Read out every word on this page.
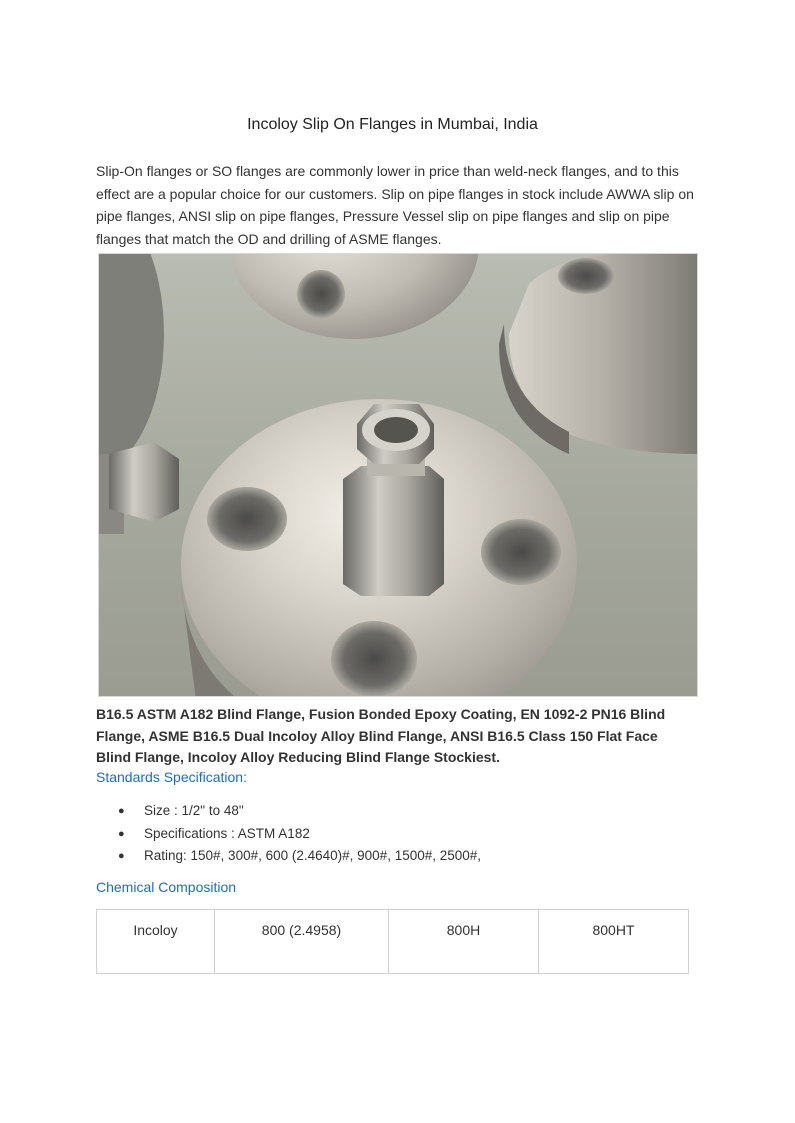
Incoloy Slip On Flanges in Mumbai, India

Slip-On flanges or SO flanges are commonly lower in price than weld-neck flanges, and to this effect are a popular choice for our customers. Slip on pipe flanges in stock include AWWA slip on pipe flanges, ANSI slip on pipe flanges, Pressure Vessel slip on pipe flanges and slip on pipe flanges that match the OD and drilling of ASME flanges.

B16.5 ASTM A182 Blind Flange, Fusion Bonded Epoxy Coating, EN 1092-2 PN16 Blind Flange, ASME B16.5 Dual Incoloy Alloy Blind Flange, ANSI B16.5 Class 150 Flat Face Blind Flange, Incoloy Alloy Reducing Blind Flange Stockiest.

Standards Specification:
● Size : 1/2" to 48"
● Specifications : ASTM A182
● Rating: 150#, 300#, 600 (2.4640)#, 900#, 1500#, 2500#,
Chemical Composition
Incoloy	800 (2.4958)	800H	800HT
